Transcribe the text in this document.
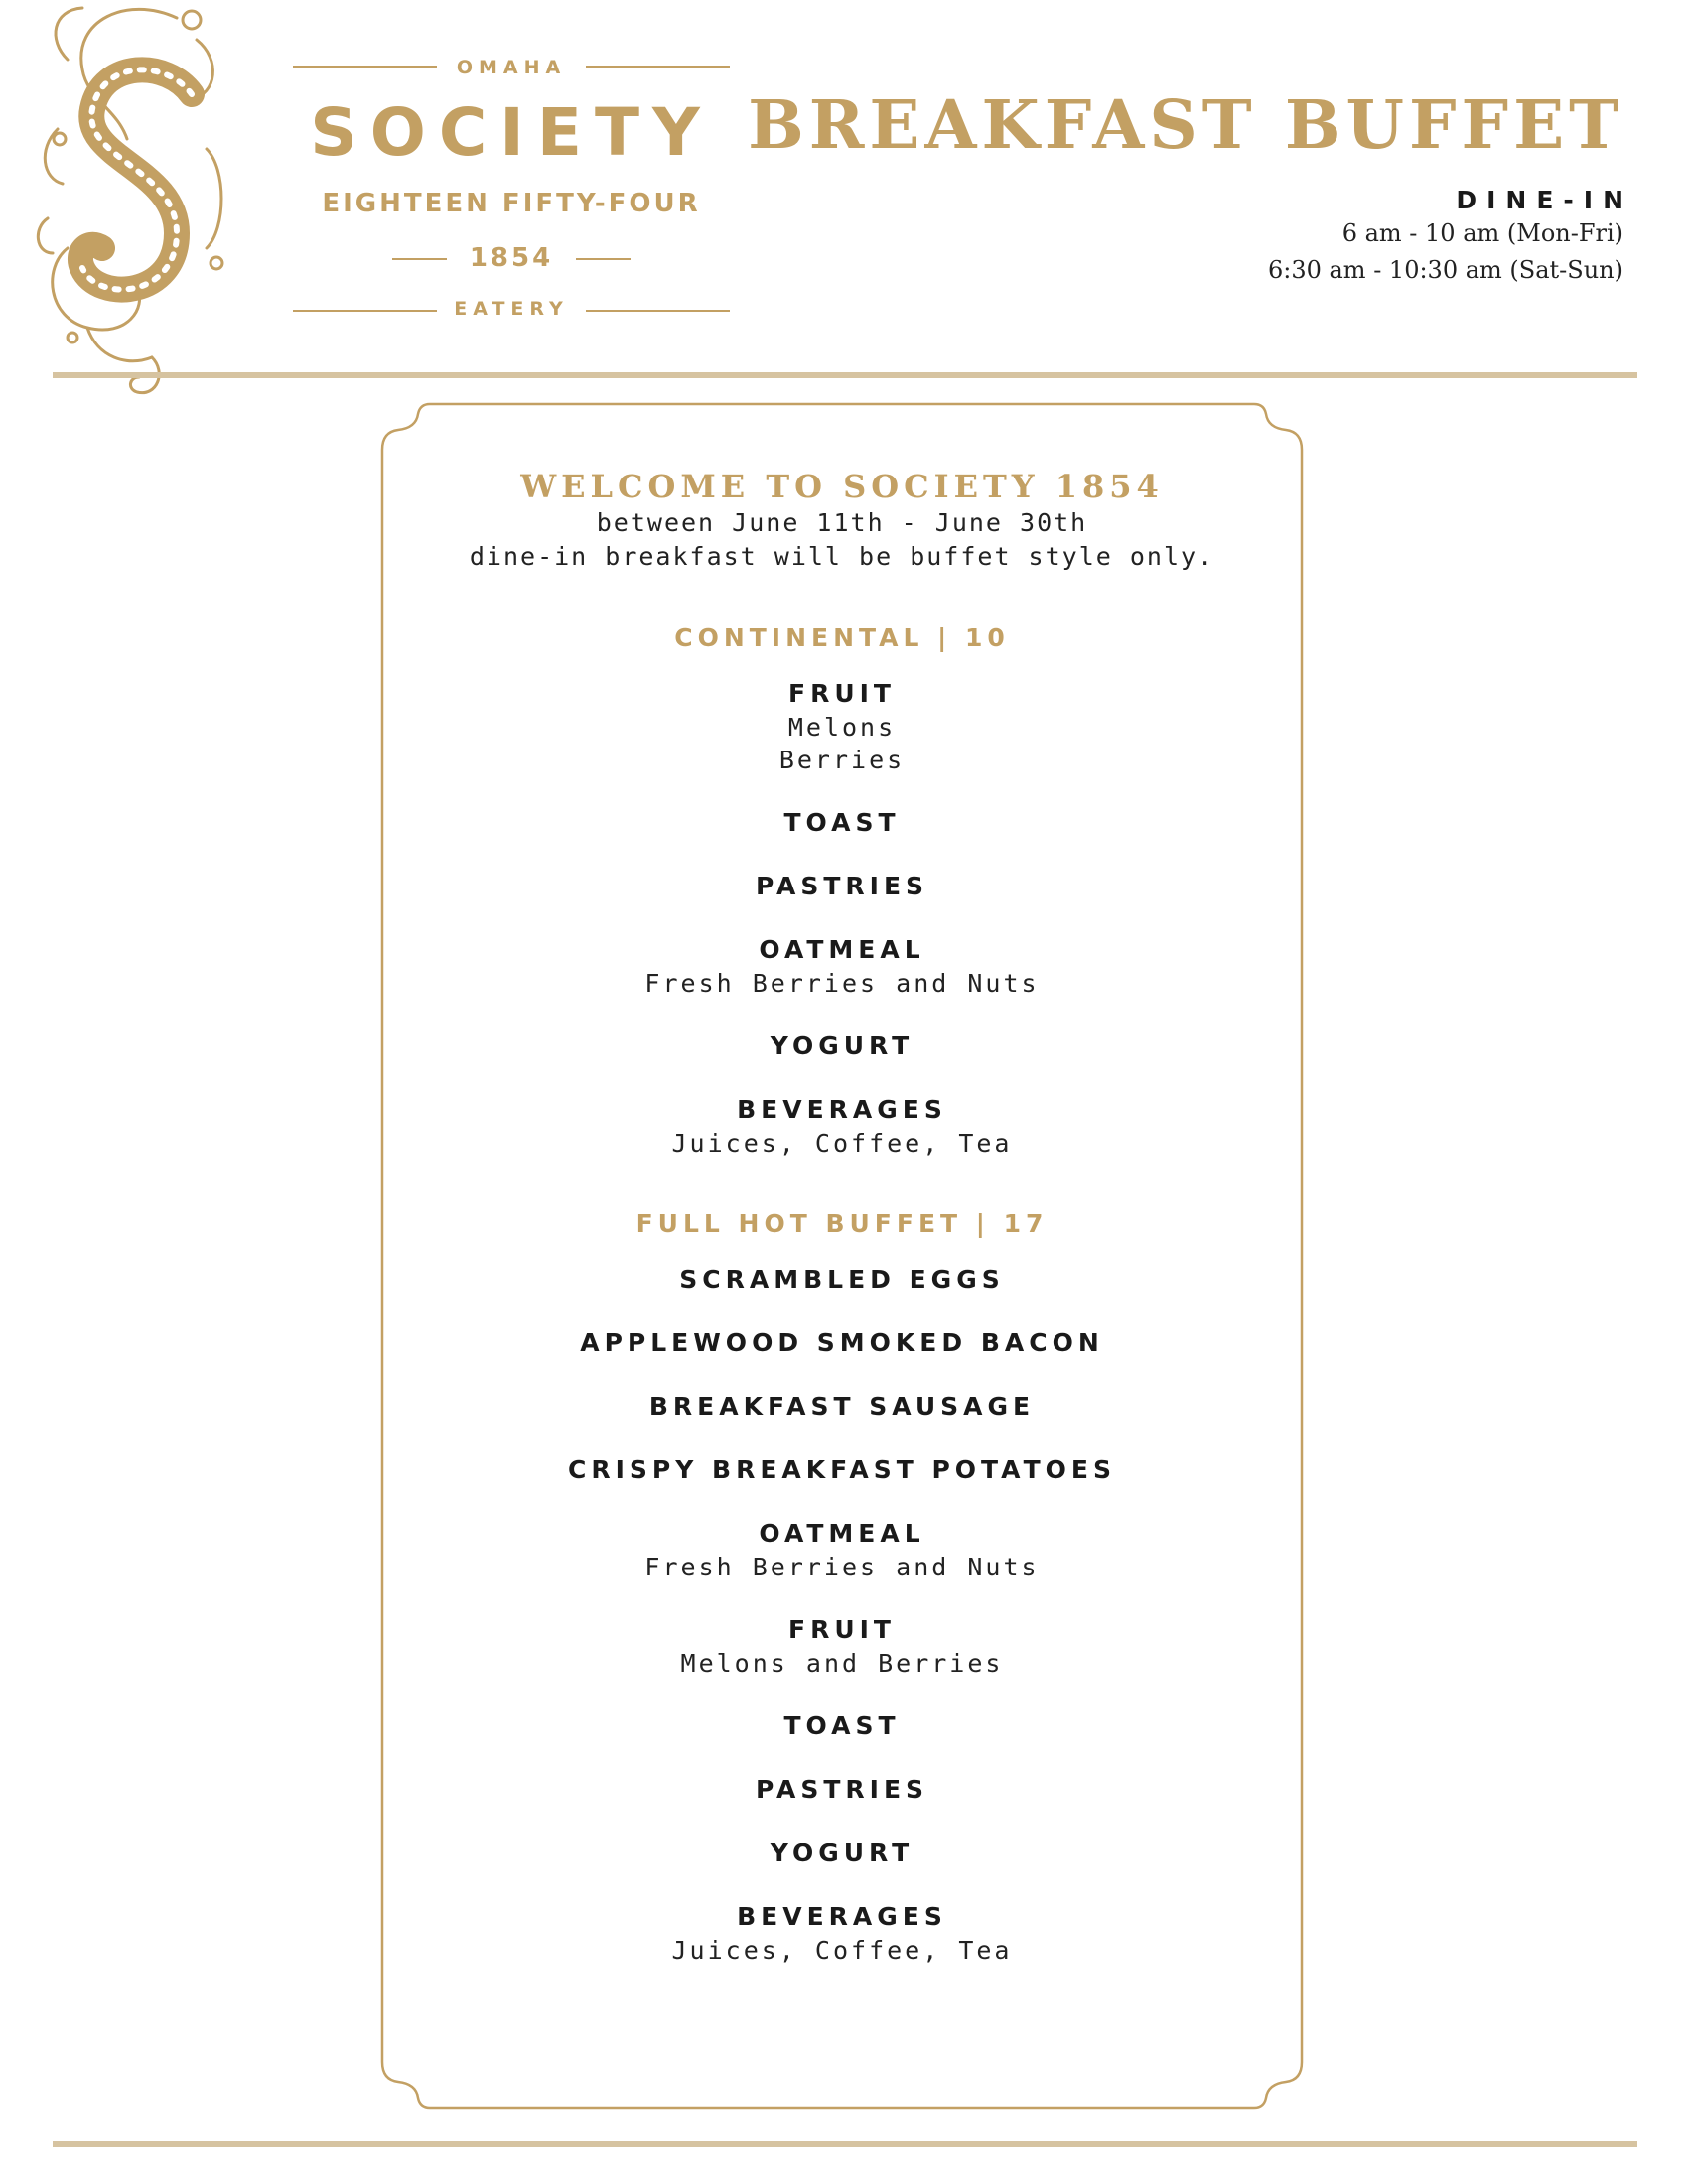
OMAHA
SOCIETY
EIGHTEEN FIFTY-FOUR
1854
EATERY
BREAKFAST BUFFET
DINE-IN
6 am - 10 am (Mon-Fri)
6:30 am - 10:30 am (Sat-Sun)
WELCOME TO SOCIETY 1854
between June 11th - June 30th
dine-in breakfast will be buffet style only.
CONTINENTAL | 10
FRUIT
Melons
Berries
TOAST
PASTRIES
OATMEAL
Fresh Berries and Nuts
YOGURT
BEVERAGES
Juices, Coffee, Tea
FULL HOT BUFFET | 17
SCRAMBLED EGGS
APPLEWOOD SMOKED BACON
BREAKFAST SAUSAGE
CRISPY BREAKFAST POTATOES
OATMEAL
Fresh Berries and Nuts
FRUIT
Melons and Berries
TOAST
PASTRIES
YOGURT
BEVERAGES
Juices, Coffee, Tea
